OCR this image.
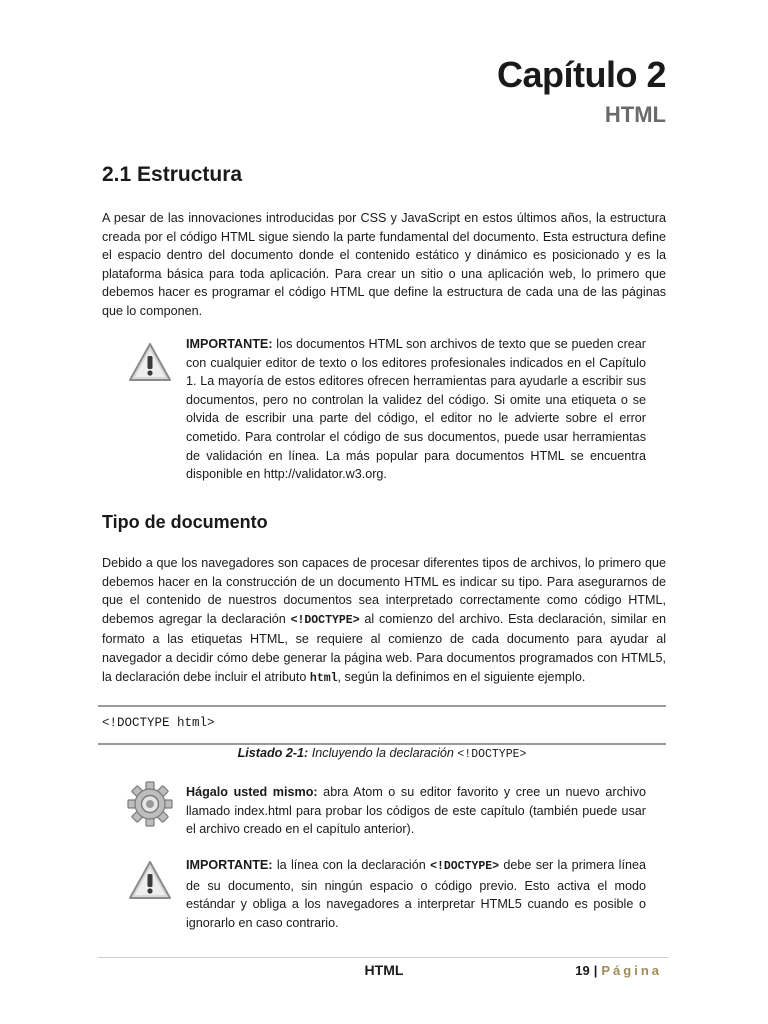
Capítulo 2
HTML
2.1 Estructura
A pesar de las innovaciones introducidas por CSS y JavaScript en estos últimos años, la estructura creada por el código HTML sigue siendo la parte fundamental del documento. Esta estructura define el espacio dentro del documento donde el contenido estático y dinámico es posicionado y es la plataforma básica para toda aplicación. Para crear un sitio o una aplicación web, lo primero que debemos hacer es programar el código HTML que define la estructura de cada una de las páginas que lo componen.
IMPORTANTE: los documentos HTML son archivos de texto que se pueden crear con cualquier editor de texto o los editores profesionales indicados en el Capítulo 1. La mayoría de estos editores ofrecen herramientas para ayudarle a escribir sus documentos, pero no controlan la validez del código. Si omite una etiqueta o se olvida de escribir una parte del código, el editor no le advierte sobre el error cometido. Para controlar el código de sus documentos, puede usar herramientas de validación en línea. La más popular para documentos HTML se encuentra disponible en http://validator.w3.org.
Tipo de documento
Debido a que los navegadores son capaces de procesar diferentes tipos de archivos, lo primero que debemos hacer en la construcción de un documento HTML es indicar su tipo. Para asegurarnos de que el contenido de nuestros documentos sea interpretado correctamente como código HTML, debemos agregar la declaración <!DOCTYPE> al comienzo del archivo. Esta declaración, similar en formato a las etiquetas HTML, se requiere al comienzo de cada documento para ayudar al navegador a decidir cómo debe generar la página web. Para documentos programados con HTML5, la declaración debe incluir el atributo html, según la definimos en el siguiente ejemplo.
<!DOCTYPE html>
Listado 2-1: Incluyendo la declaración <!DOCTYPE>
Hágalo usted mismo: abra Atom o su editor favorito y cree un nuevo archivo llamado index.html para probar los códigos de este capítulo (también puede usar el archivo creado en el capítulo anterior).
IMPORTANTE: la línea con la declaración <!DOCTYPE> debe ser la primera línea de su documento, sin ningún espacio o código previo. Esto activa el modo estándar y obliga a los navegadores a interpretar HTML5 cuando es posible o ignorarlo en caso contrario.
HTML	19 | Página
